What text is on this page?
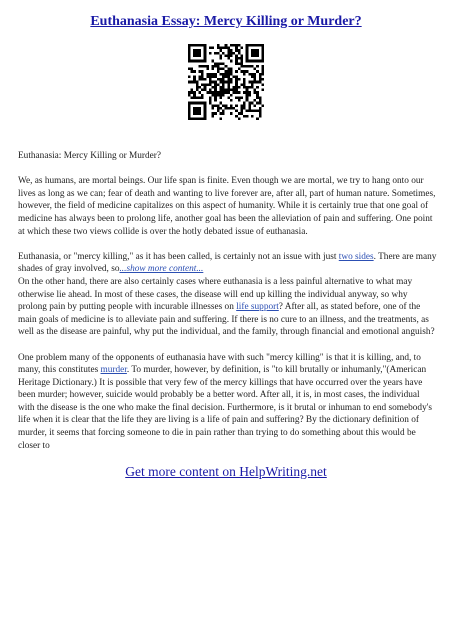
Euthanasia Essay: Mercy Killing or Murder?

Euthanasia: Mercy Killing or Murder?

We, as humans, are mortal beings. Our life span is finite. Even though we are mortal, we try to hang onto our lives as long as we can; fear of death and wanting to live forever are, after all, part of human nature. Sometimes, however, the field of medicine capitalizes on this aspect of humanity. While it is certainly true that one goal of medicine has always been to prolong life, another goal has been the alleviation of pain and suffering. One point at which these two views collide is over the hotly debated issue of euthanasia.

Euthanasia, or "mercy killing," as it has been called, is certainly not an issue with just two sides. There are many shades of gray involved, so...show more content...

On the other hand, there are also certainly cases where euthanasia is a less painful alternative to what may otherwise lie ahead. In most of these cases, the disease will end up killing the individual anyway, so why prolong pain by putting people with incurable illnesses on life support? After all, as stated before, one of the main goals of medicine is to alleviate pain and suffering. If there is no cure to an illness, and the treatments, as well as the disease are painful, why put the individual, and the family, through financial and emotional anguish?

One problem many of the opponents of euthanasia have with such "mercy killing" is that it is killing, and, to many, this constitutes murder. To murder, however, by definition, is "to kill brutally or inhumanly,"(American Heritage Dictionary.) It is possible that very few of the mercy killings that have occurred over the years have been murder; however, suicide would probably be a better word. After all, it is, in most cases, the individual with the disease is the one who make the final decision. Furthermore, is it brutal or inhuman to end somebody's life when it is clear that the life they are living is a life of pain and suffering? By the dictionary definition of murder, it seems that forcing someone to die in pain rather than trying to do something about this would be closer to

Get more content on HelpWriting.net
